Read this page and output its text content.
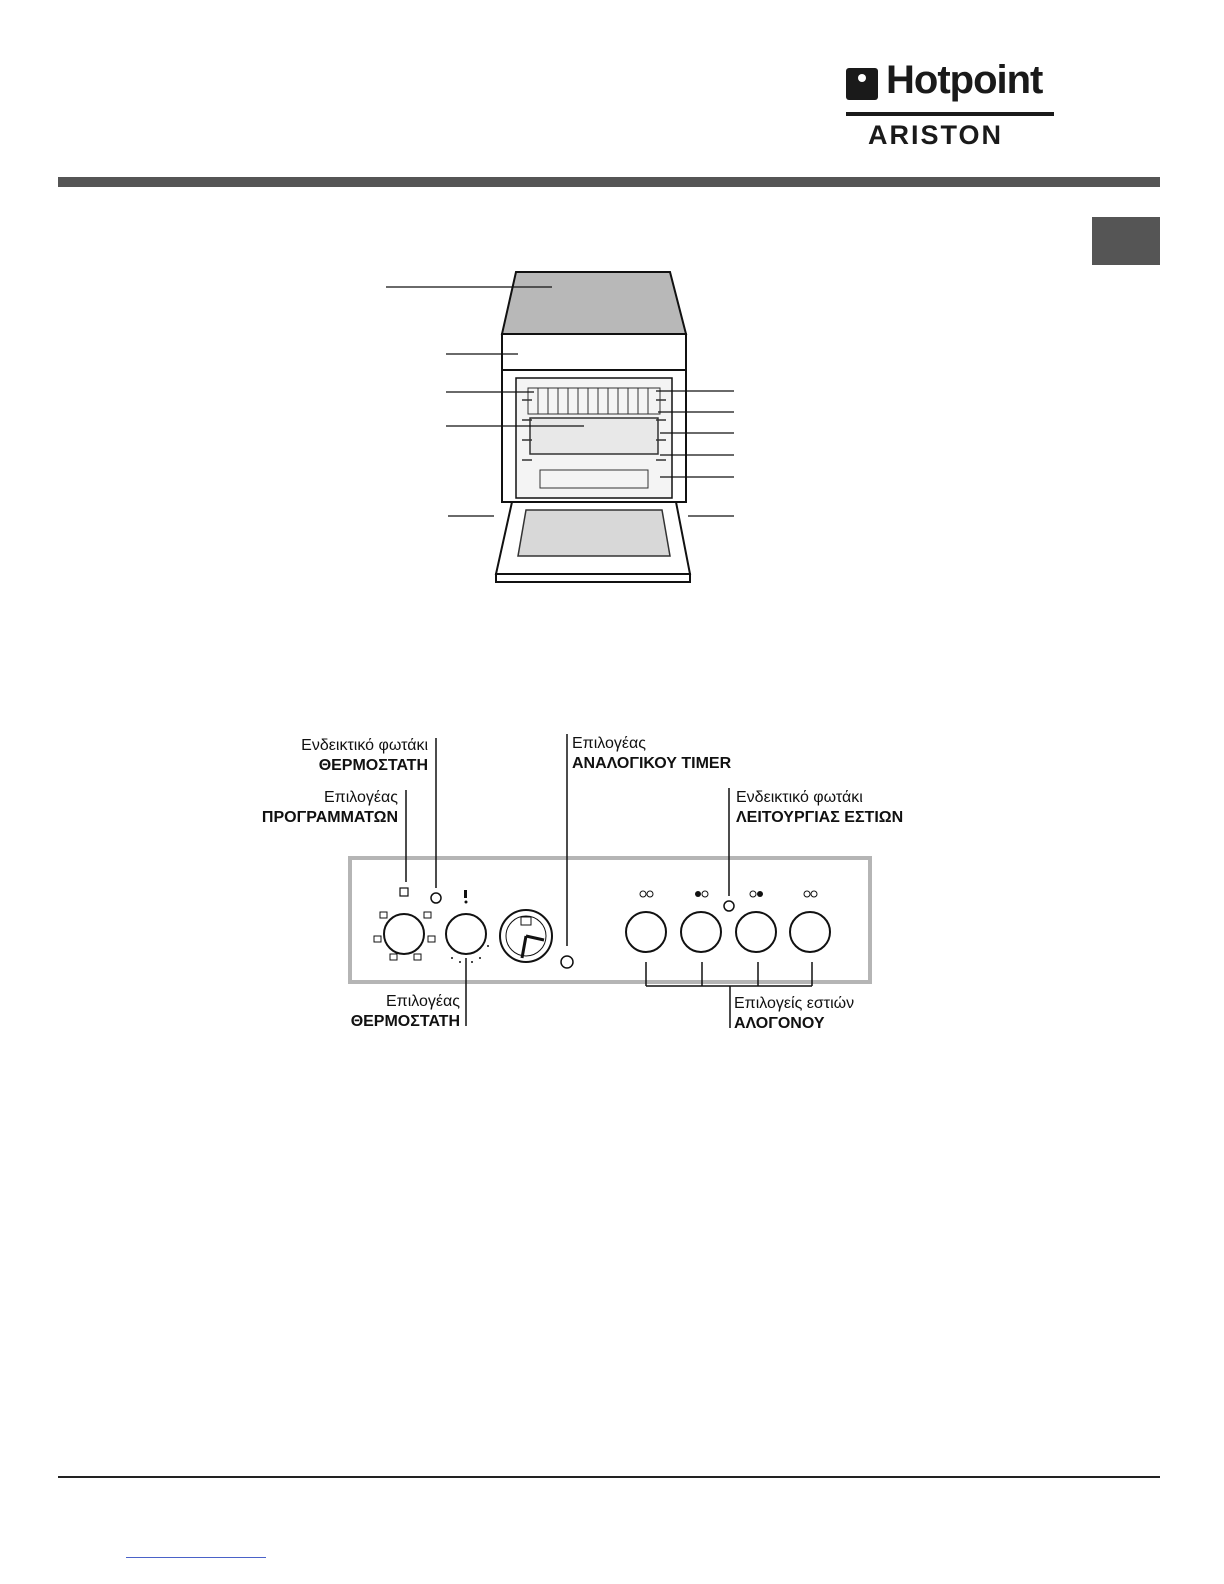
Hotpoint
ARISTON
Ενδεικτικό φωτάκι
ΘΕΡΜΟΣΤΑΤΗ
Επιλογέας
ΠΡΟΓΡΑΜΜΑΤΩΝ
Επιλογέας
ΑΝΑΛΟΓΙΚΟΥ TIMER
Ενδεικτικό φωτάκι
ΛΕΙΤΟΥΡΓΙΑΣ ΕΣΤΙΩΝ
Επιλογέας
ΘΕΡΜΟΣΤΑΤΗ
Επιλογείς εστιών
ΑΛΟΓΟΝΟΥ
